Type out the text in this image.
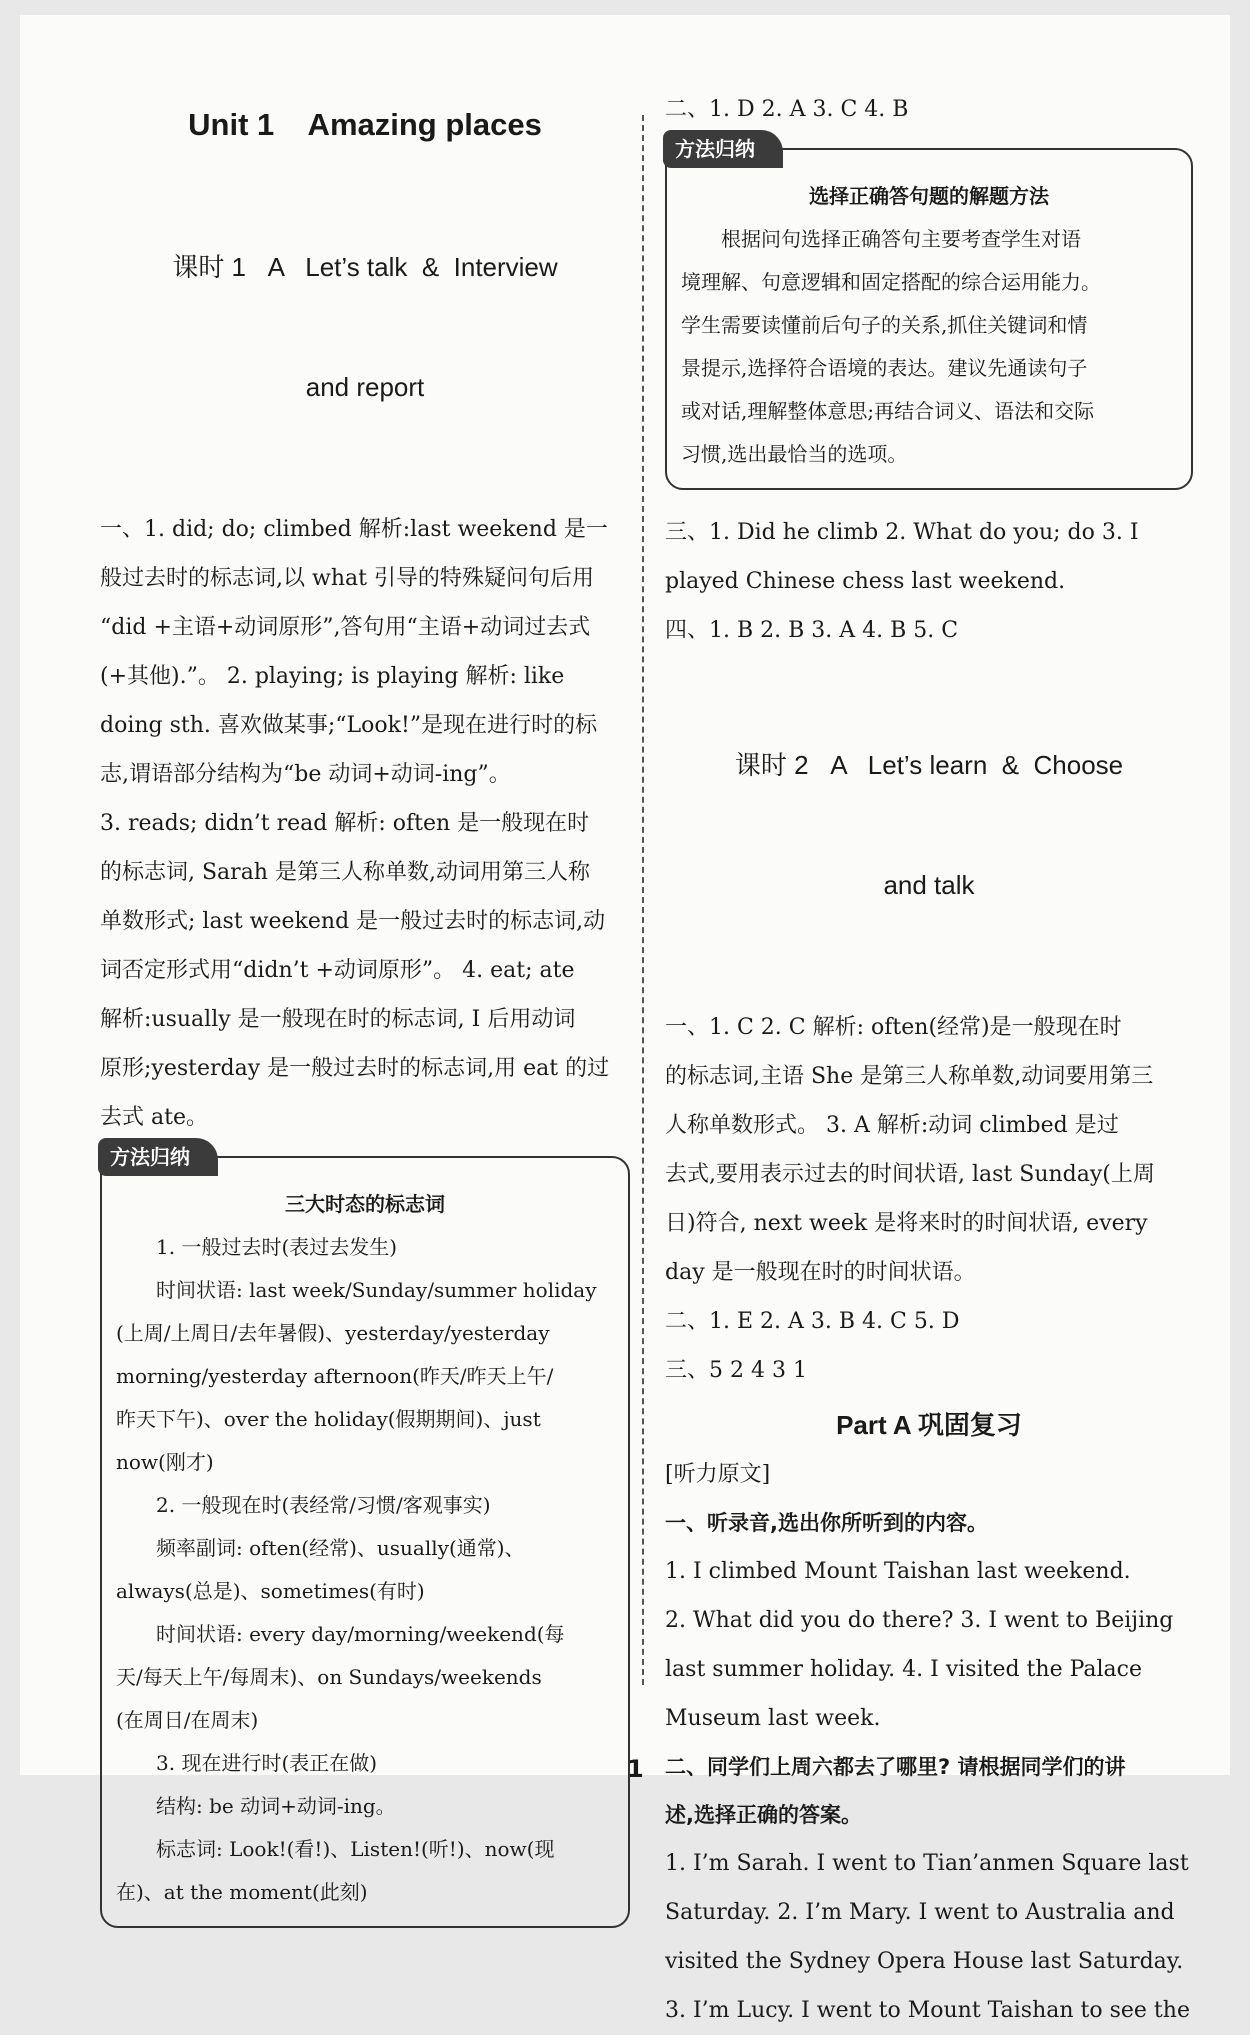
Unit 1    Amazing places

课时 1   A   Let’s talk  &  Interview

and report

一、1. did; do; climbed 解析:last weekend 是一
般过去时的标志词,以 what 引导的特殊疑问句后用
“did +主语+动词原形”,答句用“主语+动词过去式
(+其他).”。 2. playing; is playing 解析: like
doing sth. 喜欢做某事;“Look!”是现在进行时的标
志,谓语部分结构为“be 动词+动词-ing”。
3. reads; didn’t read 解析: often 是一般现在时
的标志词, Sarah 是第三人称单数,动词用第三人称
单数形式; last weekend 是一般过去时的标志词,动
词否定形式用“didn’t +动词原形”。 4. eat; ate
解析:usually 是一般现在时的标志词, I 后用动词
原形;yesterday 是一般过去时的标志词,用 eat 的过
去式 ate。
方法归纳
三大时态的标志词
1. 一般过去时(表过去发生)
时间状语: last week/Sunday/summer holiday
(上周/上周日/去年暑假)、yesterday/yesterday
morning/yesterday afternoon(昨天/昨天上午/
昨天下午)、over the holiday(假期期间)、just
now(刚才)
2. 一般现在时(表经常/习惯/客观事实)
频率副词: often(经常)、usually(通常)、
always(总是)、sometimes(有时)
时间状语: every day/morning/weekend(每
天/每天上午/每周末)、on Sundays/weekends
(在周日/在周末)
3. 现在进行时(表正在做)
结构: be 动词+动词-ing。
标志词: Look!(看!)、Listen!(听!)、now(现
在)、at the moment(此刻)
二、1. D 2. A 3. C 4. B
方法归纳
选择正确答句题的解题方法
根据问句选择正确答句主要考查学生对语
境理解、句意逻辑和固定搭配的综合运用能力。
学生需要读懂前后句子的关系,抓住关键词和情
景提示,选择符合语境的表达。建议先通读句子
或对话,理解整体意思;再结合词义、语法和交际
习惯,选出最恰当的选项。
三、1. Did he climb 2. What do you; do 3. I
played Chinese chess last weekend.
四、1. B 2. B 3. A 4. B 5. C

课时 2   A   Let’s learn  &  Choose

and talk

一、1. C 2. C 解析: often(经常)是一般现在时
的标志词,主语 She 是第三人称单数,动词要用第三
人称单数形式。 3. A 解析:动词 climbed 是过
去式,要用表示过去的时间状语, last Sunday(上周
日)符合, next week 是将来时的时间状语, every
day 是一般现在时的时间状语。
二、1. E 2. A 3. B 4. C 5. D
三、5 2 4 3 1
Part A 巩固复习
[听力原文]
一、听录音,选出你所听到的内容。
1. I climbed Mount Taishan last weekend.
2. What did you do there? 3. I went to Beijing
last summer holiday. 4. I visited the Palace
Museum last week.
二、同学们上周六都去了哪里? 请根据同学们的讲
述,选择正确的答案。
1. I’m Sarah. I went to Tian’anmen Square last
Saturday. 2. I’m Mary. I went to Australia and
visited the Sydney Opera House last Saturday.
3. I’m Lucy. I went to Mount Taishan to see the
1
